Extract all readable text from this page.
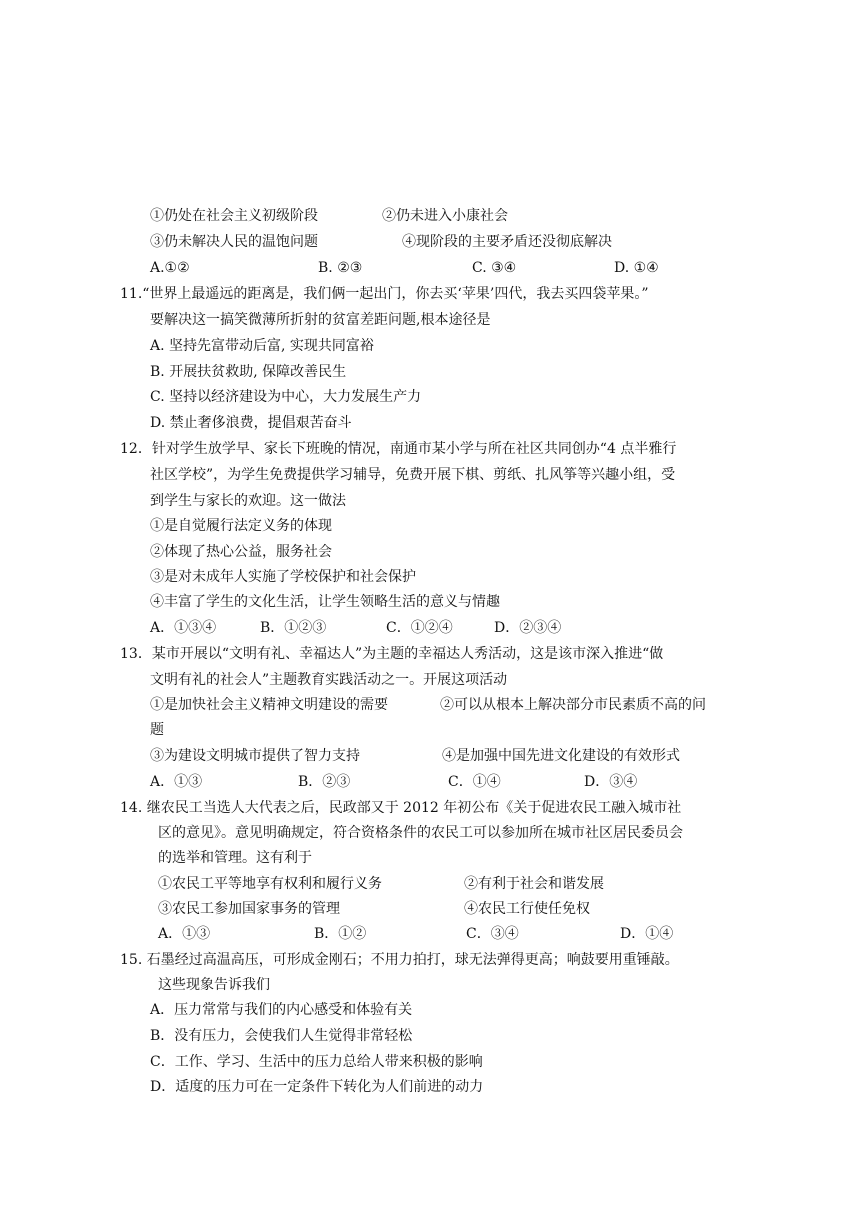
①仍处在社会主义初级阶段	②仍未进入小康社会
③仍未解决人民的温饱问题	④现阶段的主要矛盾还没彻底解决
A.①②	B. ②③	C. ③④	D. ①④
11.“世界上最遥远的距离是，我们俩一起出门，你去买‘苹果’四代，我去买四袋苹果。”
要解决这一搞笑微薄所折射的贫富差距问题,根本途径是
A. 坚持先富带动后富, 实现共同富裕
B. 开展扶贫救助, 保障改善民生
C. 坚持以经济建设为中心，大力发展生产力
D. 禁止奢侈浪费，提倡艰苦奋斗
12．针对学生放学早、家长下班晚的情况，南通市某小学与所在社区共同创办“4 点半雅行
社区学校”，为学生免费提供学习辅导，免费开展下棋、剪纸、扎风筝等兴趣小组，受
到学生与家长的欢迎。这一做法
①是自觉履行法定义务的体现
②体现了热心公益，服务社会
③是对未成年人实施了学校保护和社会保护
④丰富了学生的文化生活，让学生领略生活的意义与情趣
A．①③④	B．①②③	C．①②④	D．②③④
13．某市开展以“文明有礼、幸福达人”为主题的幸福达人秀活动，这是该市深入推进“做
文明有礼的社会人”主题教育实践活动之一。开展这项活动
①是加快社会主义精神文明建设的需要	②可以从根本上解决部分市民素质不高的问
题
③为建设文明城市提供了智力支持	④是加强中国先进文化建设的有效形式
A．①③	B．②③	C．①④	D．③④
14. 继农民工当选人大代表之后，民政部又于 2012 年初公布《关于促进农民工融入城市社
区的意见》。意见明确规定，符合资格条件的农民工可以参加所在城市社区居民委员会
的选举和管理。这有利于
①农民工平等地享有权利和履行义务	②有利于社会和谐发展
③农民工参加国家事务的管理	④农民工行使任免权
A．①③	B．①②	C．③④	D．①④
15. 石墨经过高温高压，可形成金刚石；不用力拍打，球无法弹得更高；响鼓要用重锤敲。
这些现象告诉我们
A．压力常常与我们的内心感受和体验有关
B．没有压力，会使我们人生觉得非常轻松
C．工作、学习、生活中的压力总给人带来积极的影响
D．适度的压力可在一定条件下转化为人们前进的动力
